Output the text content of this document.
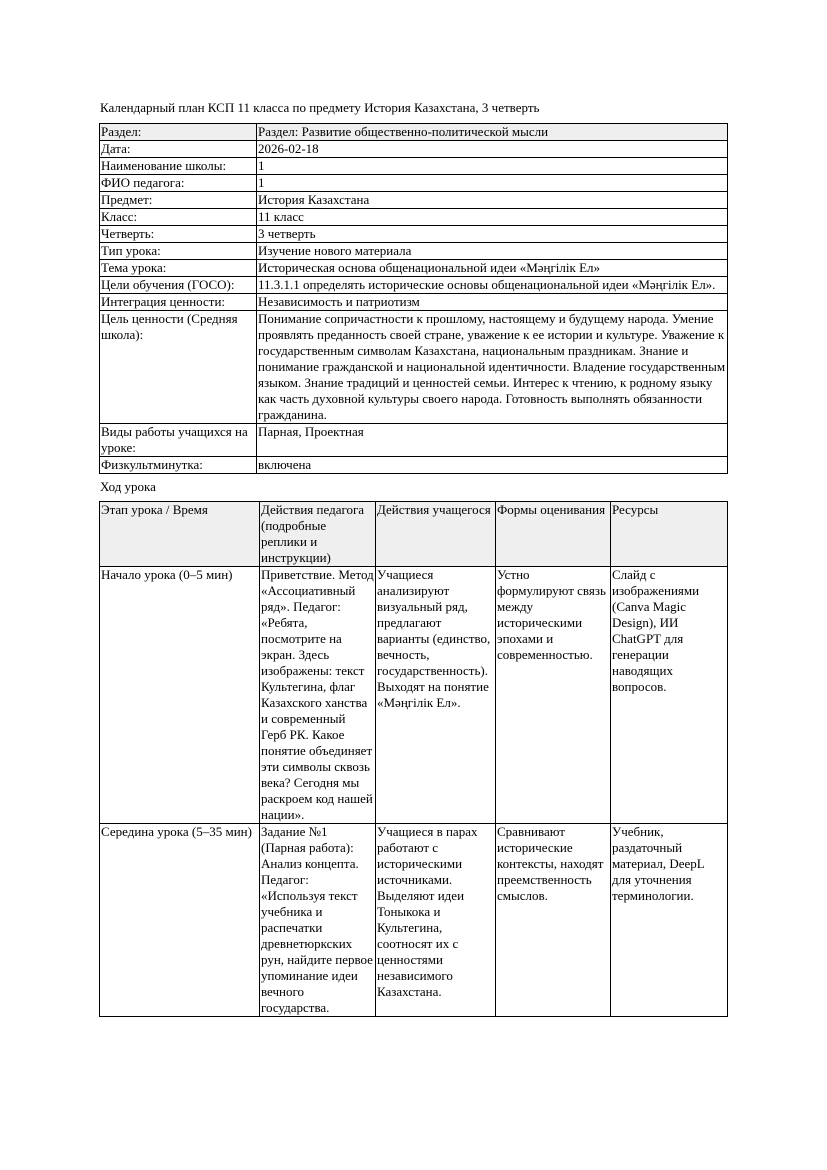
Календарный план КСП 11 класса по предмету История Казахстана, 3 четверть
Раздел:	Раздел: Развитие общественно-политической мысли
Дата:	2026-02-18
Наименование школы:	1
ФИО педагога:	1
Предмет:	История Казахстана
Класс:	11 класс
Четверть:	3 четверть
Тип урока:	Изучение нового материала
Тема урока:	Историческая основа общенациональной идеи «Мәңгілік Ел»
Цели обучения (ГОСО):	11.3.1.1 определять исторические основы общенациональной идеи «Мәңгілік Ел».
Интеграция ценности:	Независимость и патриотизм
Цель ценности (Средняя школа):	Понимание сопричастности к прошлому, настоящему и будущему народа. Умение проявлять преданность своей стране, уважение к ее истории и культуре. Уважение к государственным символам Казахстана, национальным праздникам. Знание и понимание гражданской и национальной идентичности. Владение государственным языком. Знание традиций и ценностей семьи. Интерес к чтению, к родному языку как часть духовной культуры своего народа. Готовность выполнять обязанности гражданина.
Виды работы учащихся на уроке:	Парная, Проектная
Физкультминутка:	включена
Ход урока
Этап урока / Время	Действия педагога (подробные реплики и инструкции)	Действия учащегося	Формы оценивания	Ресурсы
Начало урока (0–5 мин)	Приветствие. Метод «Ассоциативный ряд». Педагог: «Ребята, посмотрите на экран. Здесь изображены: текст Культегина, флаг Казахского ханства и современный Герб РК. Какое понятие объединяет эти символы сквозь века? Сегодня мы раскроем код нашей нации».	Учащиеся анализируют визуальный ряд, предлагают варианты (единство, вечность, государственность). Выходят на понятие «Мәңгілік Ел».	Устно формулируют связь между историческими эпохами и современностью.	Слайд с изображениями (Canva Magic Design), ИИ ChatGPT для генерации наводящих вопросов.
Середина урока (5–35 мин)	Задание №1 (Парная работа): Анализ концепта. Педагог: «Используя текст учебника и распечатки древнетюркских рун, найдите первое упоминание идеи вечного государства.	Учащиеся в парах работают с историческими источниками. Выделяют идеи Тоныкока и Культегина, соотносят их с ценностями независимого Казахстана.	Сравнивают исторические контексты, находят преемственность смыслов.	Учебник, раздаточный материал, DeepL для уточнения терминологии.
